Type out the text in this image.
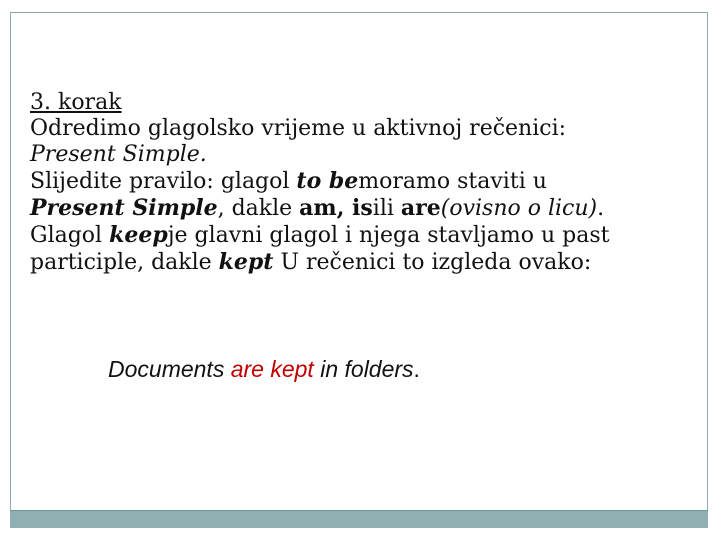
3. korak
Odredimo glagolsko vrijeme u aktivnoj rečenici:
Present Simple.
Slijedite pravilo: glagol to bemoramo staviti u
Present Simple, dakle am, isili are(ovisno o licu).
Glagol keepje glavni glagol i njega stavljamo u past
participle, dakle kept U rečenici to izgleda ovako:
Documents are kept in folders.
